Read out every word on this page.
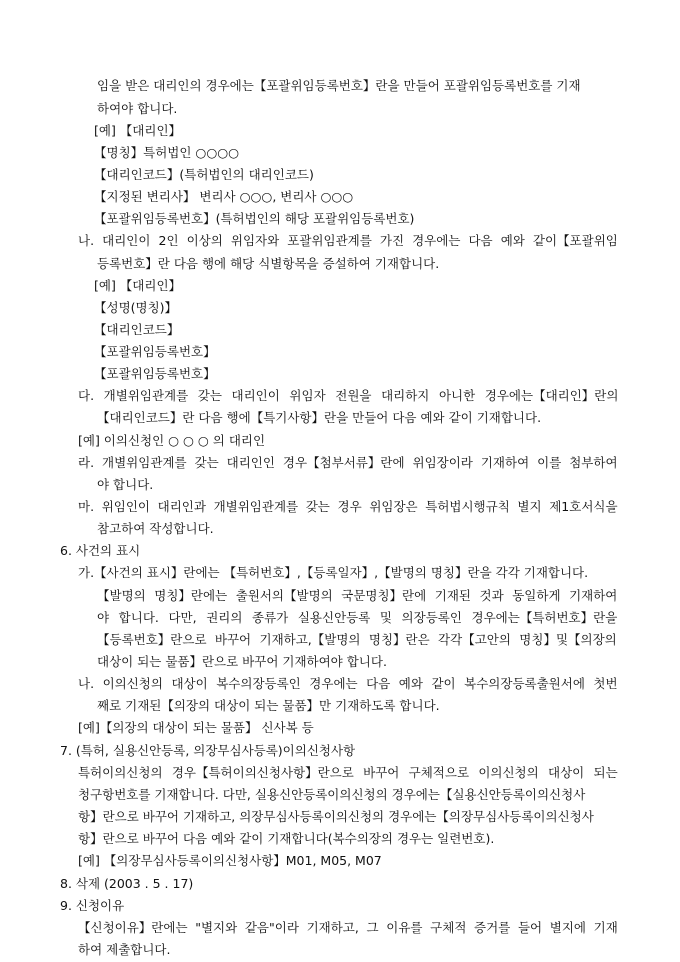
임을 받은 대리인의 경우에는【포괄위임등록번호】란을 만들어 포괄위임등록번호를 기재
하여야 합니다.
[예] 【대리인】
【명칭】특허법인 ○○○○
【대리인코드】(특허법인의 대리인코드)
【지정된 변리사】 변리사 ○○○, 변리사 ○○○
【포괄위임등록번호】(특허법인의 해당 포괄위임등록번호)
나. 대리인이 2인 이상의 위임자와 포괄위임관계를 가진 경우에는 다음 예와 같이【포괄위임
등록번호】란 다음 행에 해당 식별항목을 증설하여 기재합니다.
[예] 【대리인】
【성명(명칭)】
【대리인코드】
【포괄위임등록번호】
【포괄위임등록번호】
다. 개별위임관계를 갖는 대리인이 위임자 전원을 대리하지 아니한 경우에는【대리인】란의
【대리인코드】란 다음 행에【특기사항】란을 만들어 다음 예와 같이 기재합니다.
[예] 이의신청인 ○ ○ ○ 의 대리인
라. 개별위임관계를 갖는 대리인인 경우【첨부서류】란에 위임장이라 기재하여 이를 첨부하여
야 합니다.
마. 위임인이 대리인과 개별위임관계를 갖는 경우 위임장은 특허법시행규칙 별지 제1호서식을
참고하여 작성합니다.
6. 사건의 표시
가.【사건의 표시】란에는 【특허번호】,【등록일자】,【발명의 명칭】란을 각각 기재합니다.
【발명의 명칭】란에는 출원서의【발명의 국문명칭】란에 기재된 것과 동일하게 기재하여
야 합니다. 다만, 권리의 종류가 실용신안등록 및 의장등록인 경우에는【특허번호】란을
【등록번호】란으로 바꾸어 기재하고,【발명의 명칭】란은 각각【고안의 명칭】및【의장의
대상이 되는 물품】란으로 바꾸어 기재하여야 합니다.
나. 이의신청의 대상이 복수의장등록인 경우에는 다음 예와 같이 복수의장등록출원서에 첫번
째로 기재된【의장의 대상이 되는 물품】만 기재하도록 합니다.
[예]【의장의 대상이 되는 물품】 신사복 등
7. (특허, 실용신안등록, 의장무심사등록)이의신청사항
특허이의신청의 경우【특허이의신청사항】란으로 바꾸어 구체적으로 이의신청의 대상이 되는
청구항번호를 기재합니다. 다만, 실용신안등록이의신청의 경우에는【실용신안등록이의신청사
항】란으로 바꾸어 기재하고, 의장무심사등록이의신청의 경우에는【의장무심사등록이의신청사
항】란으로 바꾸어 다음 예와 같이 기재합니다(복수의장의 경우는 일련번호).
[예] 【의장무심사등록이의신청사항】M01, M05, M07
8. 삭제 (2003 . 5 . 17)
9. 신청이유
【신청이유】란에는 "별지와 같음"이라 기재하고, 그 이유를 구체적 증거를 들어 별지에 기재
하여 제출합니다.
